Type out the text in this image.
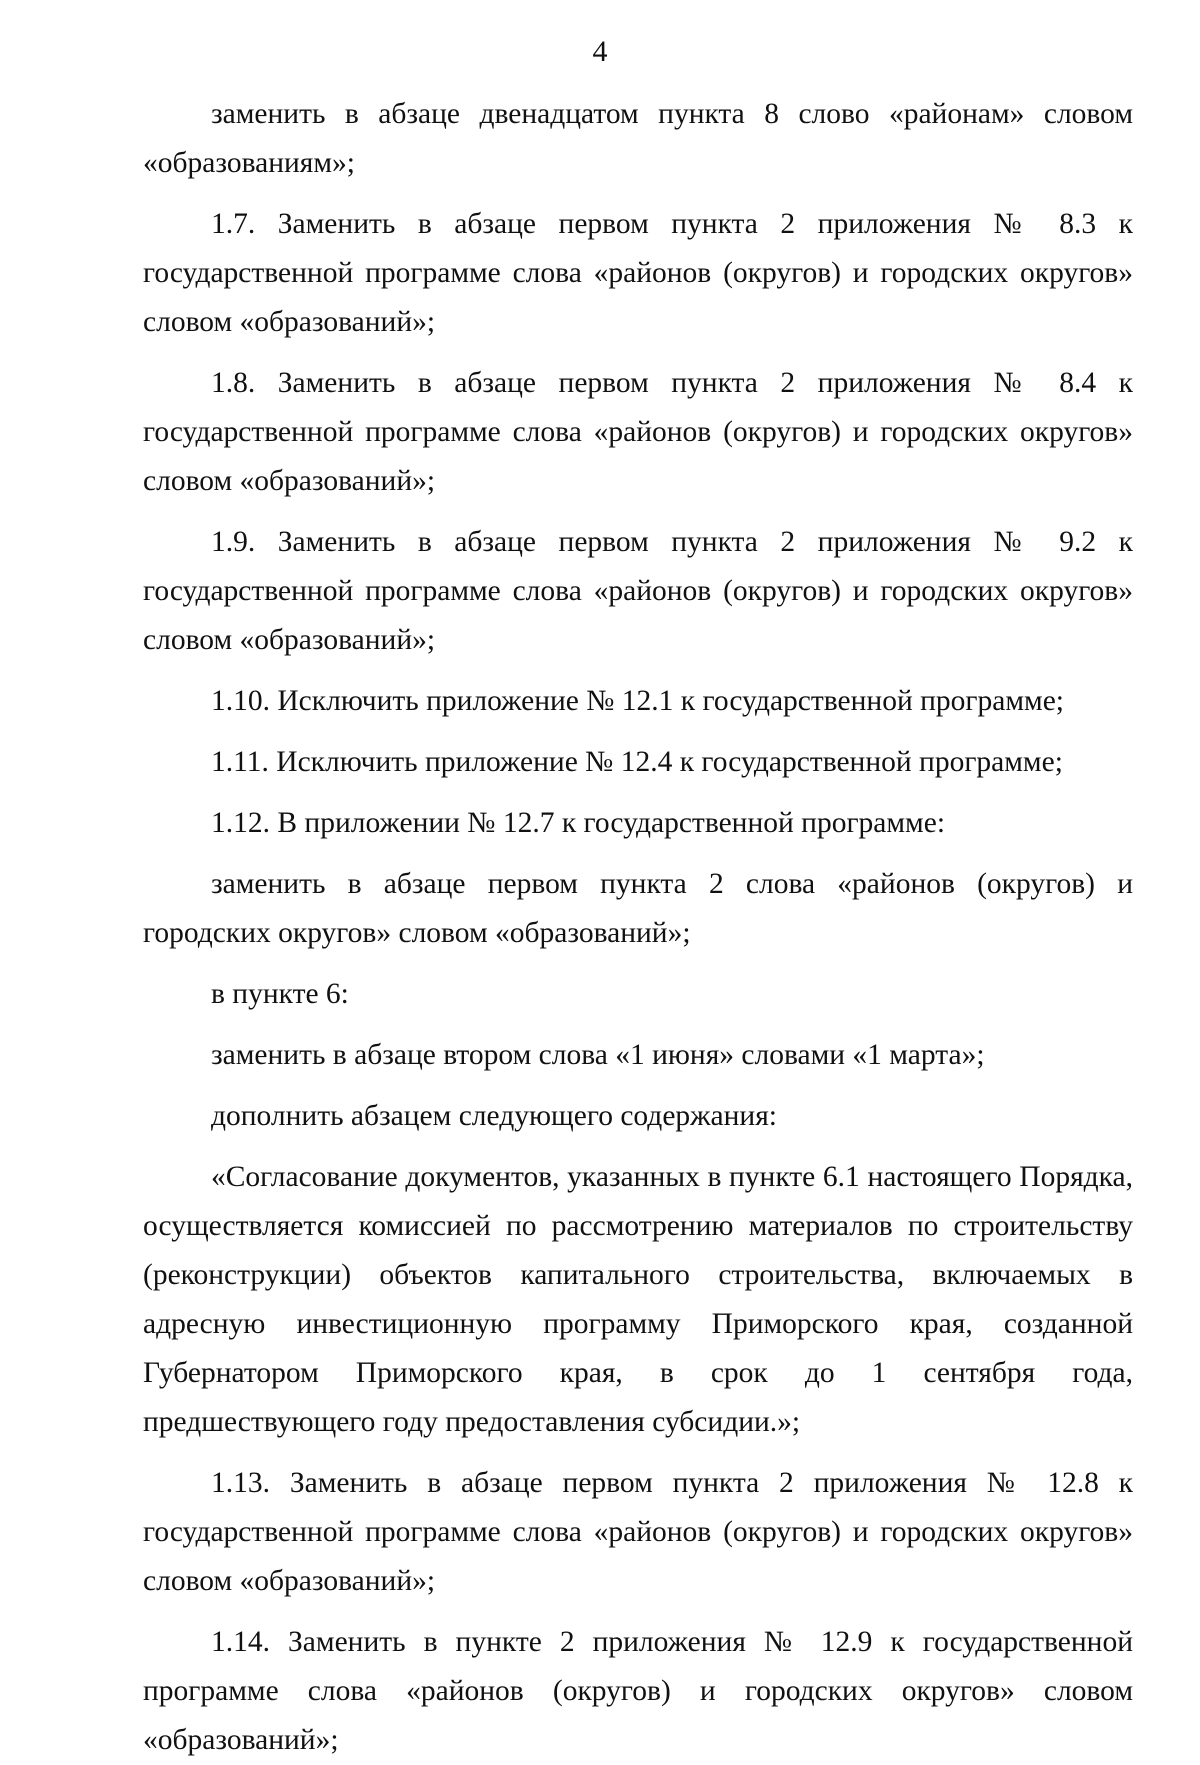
4

заменить в абзаце двенадцатом пункта 8 слово «районам» словом «образованиям»;

1.7. Заменить в абзаце первом пункта 2 приложения № 8.3 к государственной программе слова «районов (округов) и городских округов» словом «образований»;

1.8. Заменить в абзаце первом пункта 2 приложения № 8.4 к государственной программе слова «районов (округов) и городских округов» словом «образований»;

1.9. Заменить в абзаце первом пункта 2 приложения № 9.2 к государственной программе слова «районов (округов) и городских округов» словом «образований»;

1.10. Исключить приложение № 12.1 к государственной программе;

1.11. Исключить приложение № 12.4 к государственной программе;

1.12. В приложении № 12.7 к государственной программе:

заменить в абзаце первом пункта 2 слова «районов (округов) и городских округов» словом «образований»;

в пункте 6:

заменить в абзаце втором слова «1 июня» словами «1 марта»;

дополнить абзацем следующего содержания:

«Согласование документов, указанных в пункте 6.1 настоящего Порядка, осуществляется комиссией по рассмотрению материалов по строительству (реконструкции) объектов капитального строительства, включаемых в адресную инвестиционную программу Приморского края, созданной Губернатором Приморского края, в срок до 1 сентября года, предшествующего году предоставления субсидии.»;

1.13. Заменить в абзаце первом пункта 2 приложения № 12.8 к государственной программе слова «районов (округов) и городских округов» словом «образований»;

1.14. Заменить в пункте 2 приложения № 12.9 к государственной программе слова «районов (округов) и городских округов» словом «образований»;
